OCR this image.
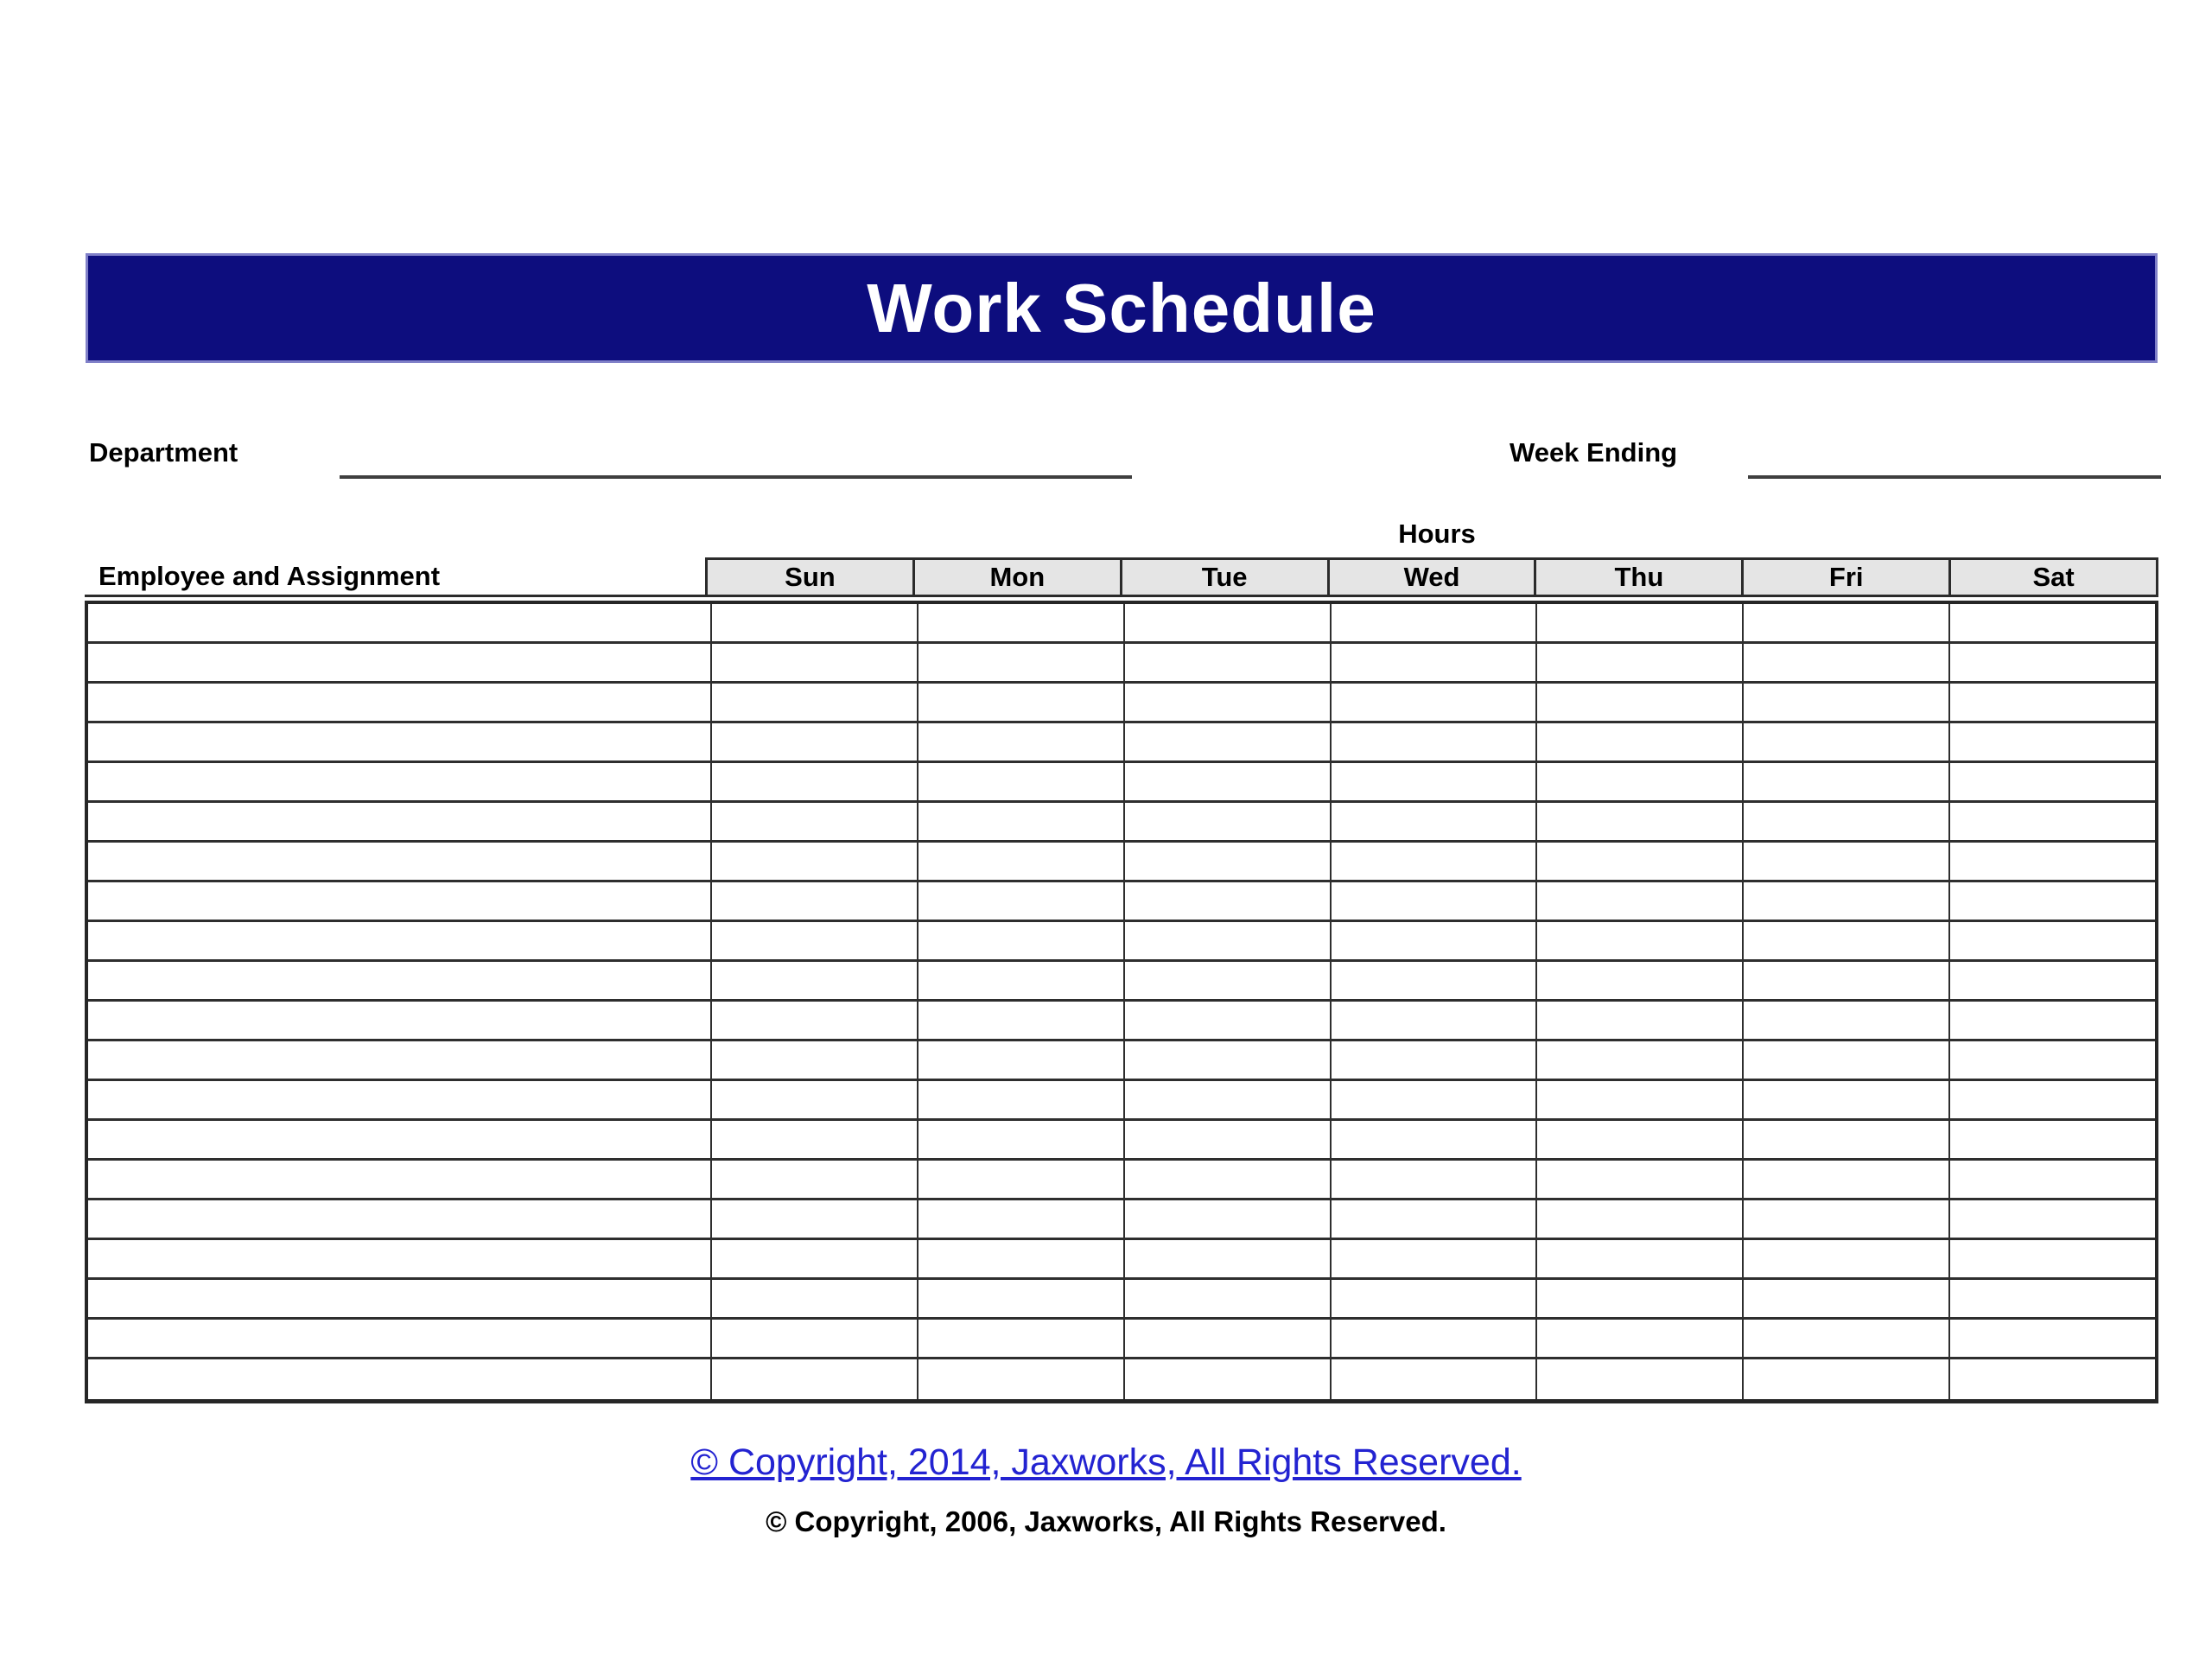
Work Schedule
Department	Week Ending
Hours
Employee and Assignment	Sun	Mon	Tue	Wed	Thu	Fri	Sat
© Copyright, 2014, Jaxworks, All Rights Reserved.
© Copyright, 2006, Jaxworks, All Rights Reserved.
